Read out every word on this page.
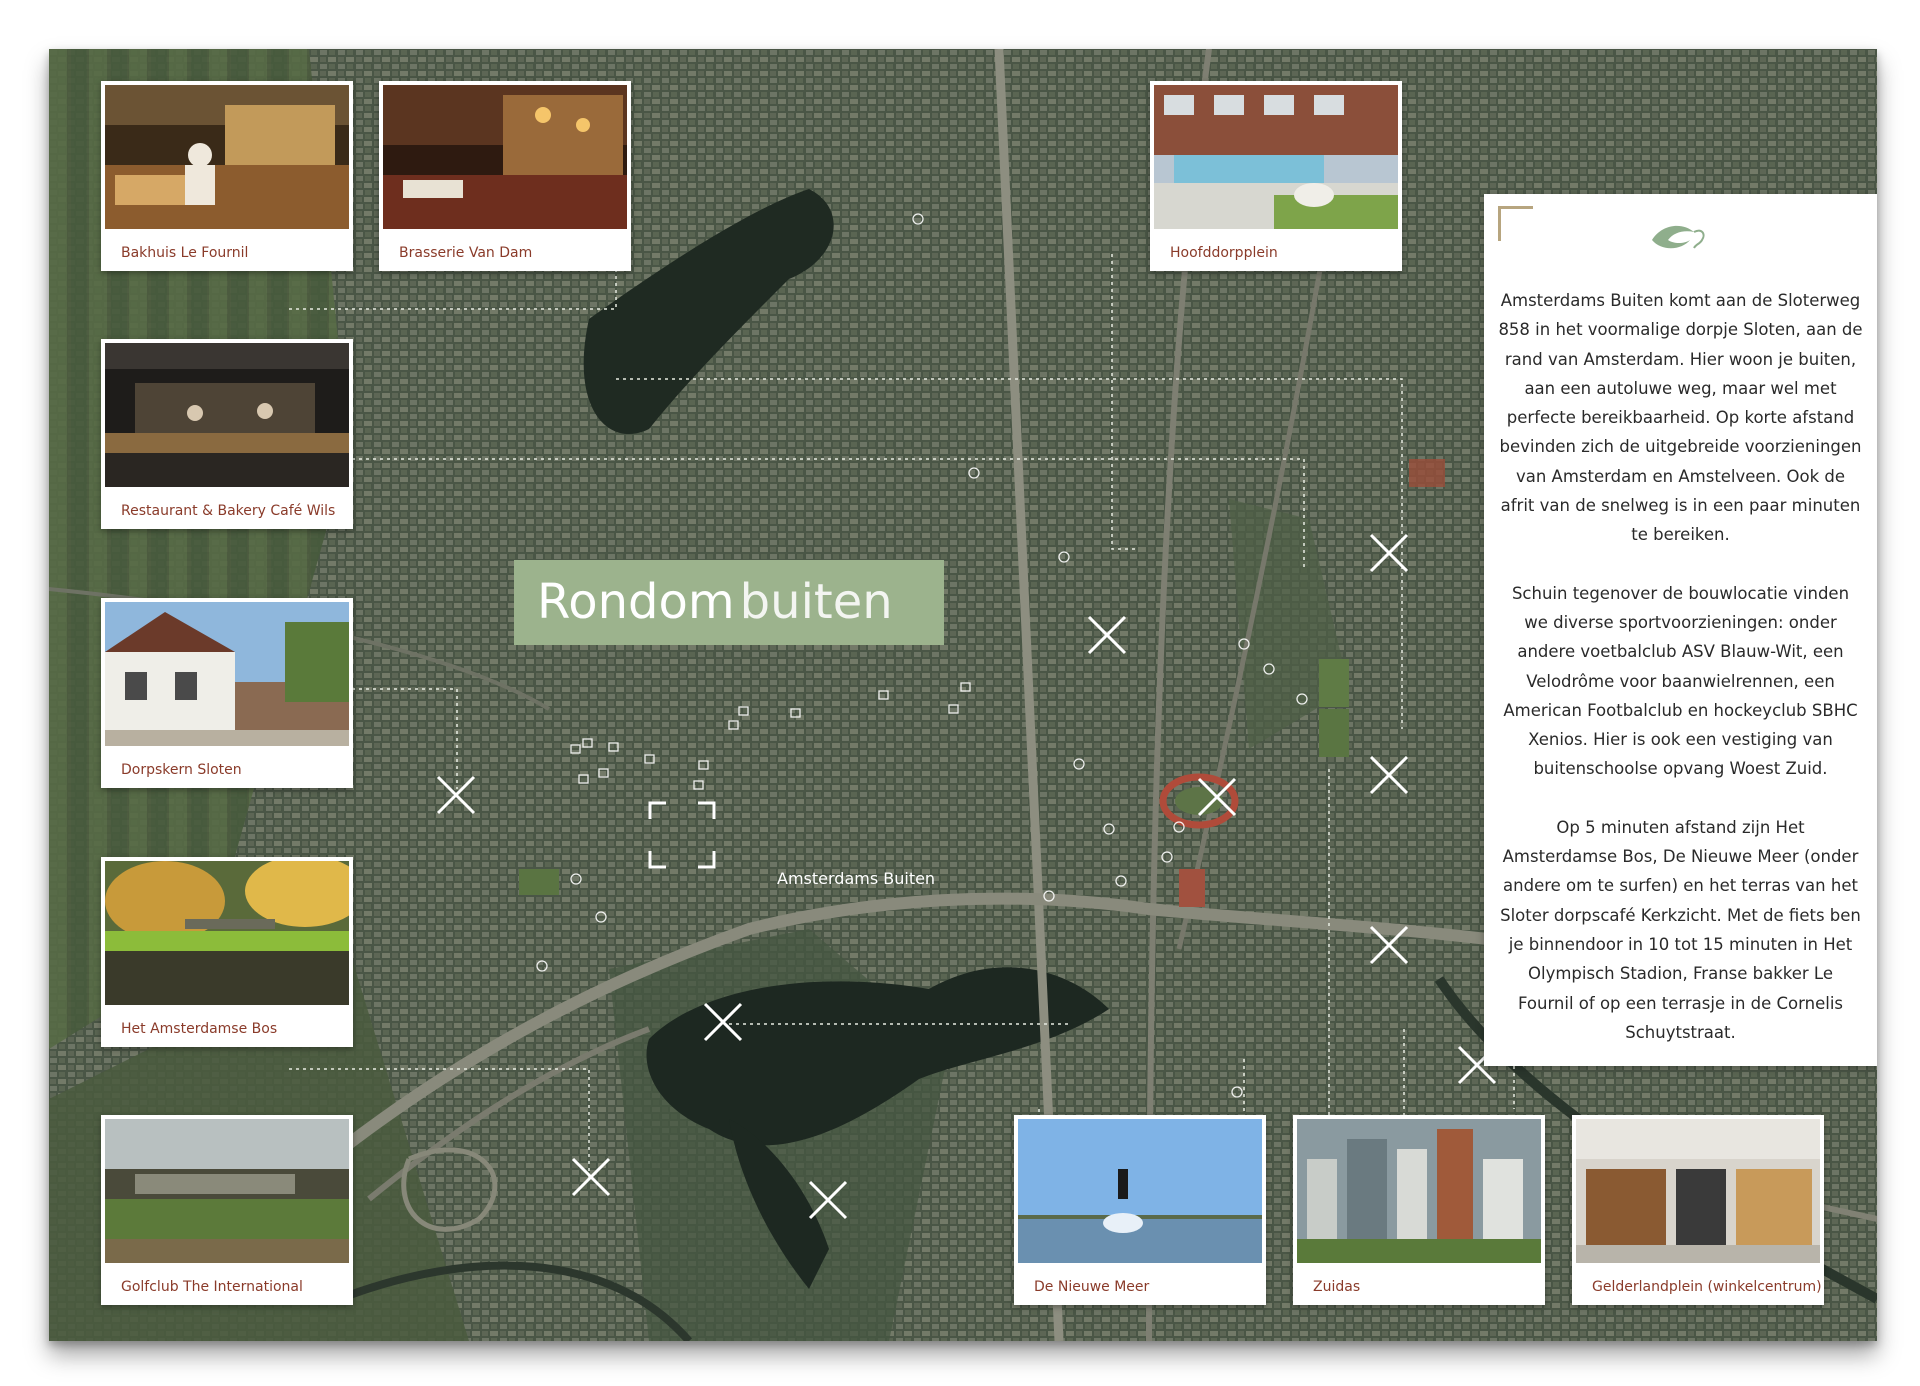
Rondom buiten
Amsterdams Buiten
Bakhuis Le Fournil	Brasserie Van Dam	Hoofddorpplein
Restaurant & Bakery Café Wils
Dorpskern Sloten
Het Amsterdamse Bos
Golfclub The International	De Nieuwe Meer	Zuidas	Gelderlandplein (winkelcentrum)

Amsterdams Buiten komt aan de Sloterweg 858 in het voormalige dorpje Sloten, aan de rand van Amsterdam. Hier woon je buiten, aan een autoluwe weg, maar wel met perfecte bereikbaarheid. Op korte afstand bevinden zich de uitgebreide voorzieningen van Amsterdam en Amstelveen. Ook de afrit van de snelweg is in een paar minuten te bereiken.

Schuin tegenover de bouwlocatie vinden we diverse sportvoorzieningen: onder andere voetbalclub ASV Blauw-Wit, een Velodrôme voor baanwielrennen, een American Footbalclub en hockeyclub SBHC Xenios. Hier is ook een vestiging van buitenschoolse opvang Woest Zuid.

Op 5 minuten afstand zijn Het Amsterdamse Bos, De Nieuwe Meer (onder andere om te surfen) en het terras van het Sloter dorpscafé Kerkzicht. Met de fiets ben je binnendoor in 10 tot 15 minuten in Het Olympisch Stadion, Franse bakker Le Fournil of op een terrasje in de Cornelis Schuytstraat.
